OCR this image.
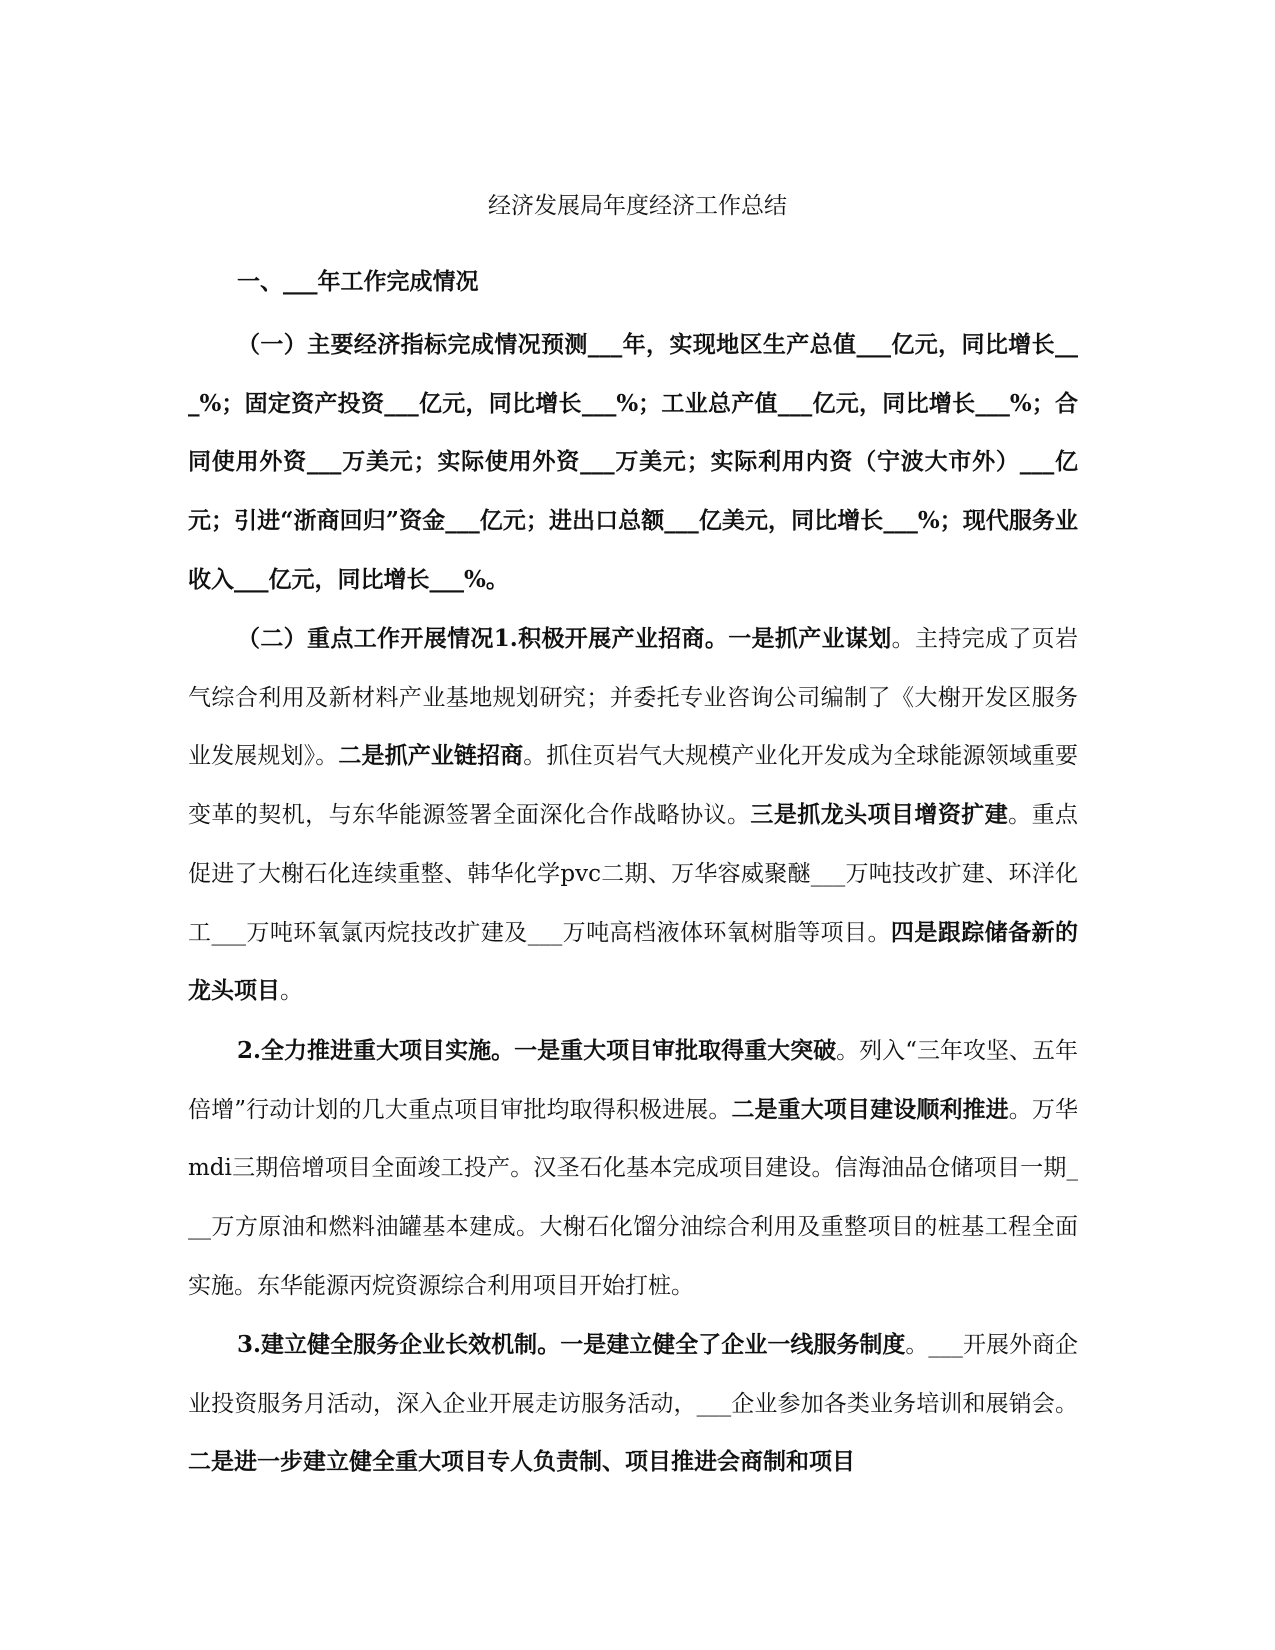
经济发展局年度经济工作总结
一、___年工作完成情况

（一）主要经济指标完成情况预测___年，实现地区生产总值___亿元，同比增长___%；固定资产投资___亿元，同比增长___%；工业总产值___亿元，同比增长___%；合同使用外资___万美元；实际使用外资___万美元；实际利用内资（宁波大市外）___亿元；引进“浙商回归”资金___亿元；进出口总额___亿美元，同比增长___%；现代服务业收入___亿元，同比增长___%。

（二）重点工作开展情况1.积极开展产业招商。一是抓产业谋划。主持完成了页岩气综合利用及新材料产业基地规划研究；并委托专业咨询公司编制了《大榭开发区服务业发展规划》。二是抓产业链招商。抓住页岩气大规模产业化开发成为全球能源领域重要变革的契机，与东华能源签署全面深化合作战略协议。三是抓龙头项目增资扩建。重点促进了大榭石化连续重整、韩华化学pvc二期、万华容威聚醚___万吨技改扩建、环洋化工___万吨环氧氯丙烷技改扩建及___万吨高档液体环氧树脂等项目。四是跟踪储备新的龙头项目。

2.全力推进重大项目实施。一是重大项目审批取得重大突破。列入“三年攻坚、五年倍增”行动计划的几大重点项目审批均取得积极进展。二是重大项目建设顺利推进。万华mdi三期倍增项目全面竣工投产。汉圣石化基本完成项目建设。信海油品仓储项目一期___万方原油和燃料油罐基本建成。大榭石化馏分油综合利用及重整项目的桩基工程全面实施。东华能源丙烷资源综合利用项目开始打桩。

3.建立健全服务企业长效机制。一是建立健全了企业一线服务制度。___开展外商企业投资服务月活动，深入企业开展走访服务活动，___企业参加各类业务培训和展销会。二是进一步建立健全重大项目专人负责制、项目推进会商制和项目
